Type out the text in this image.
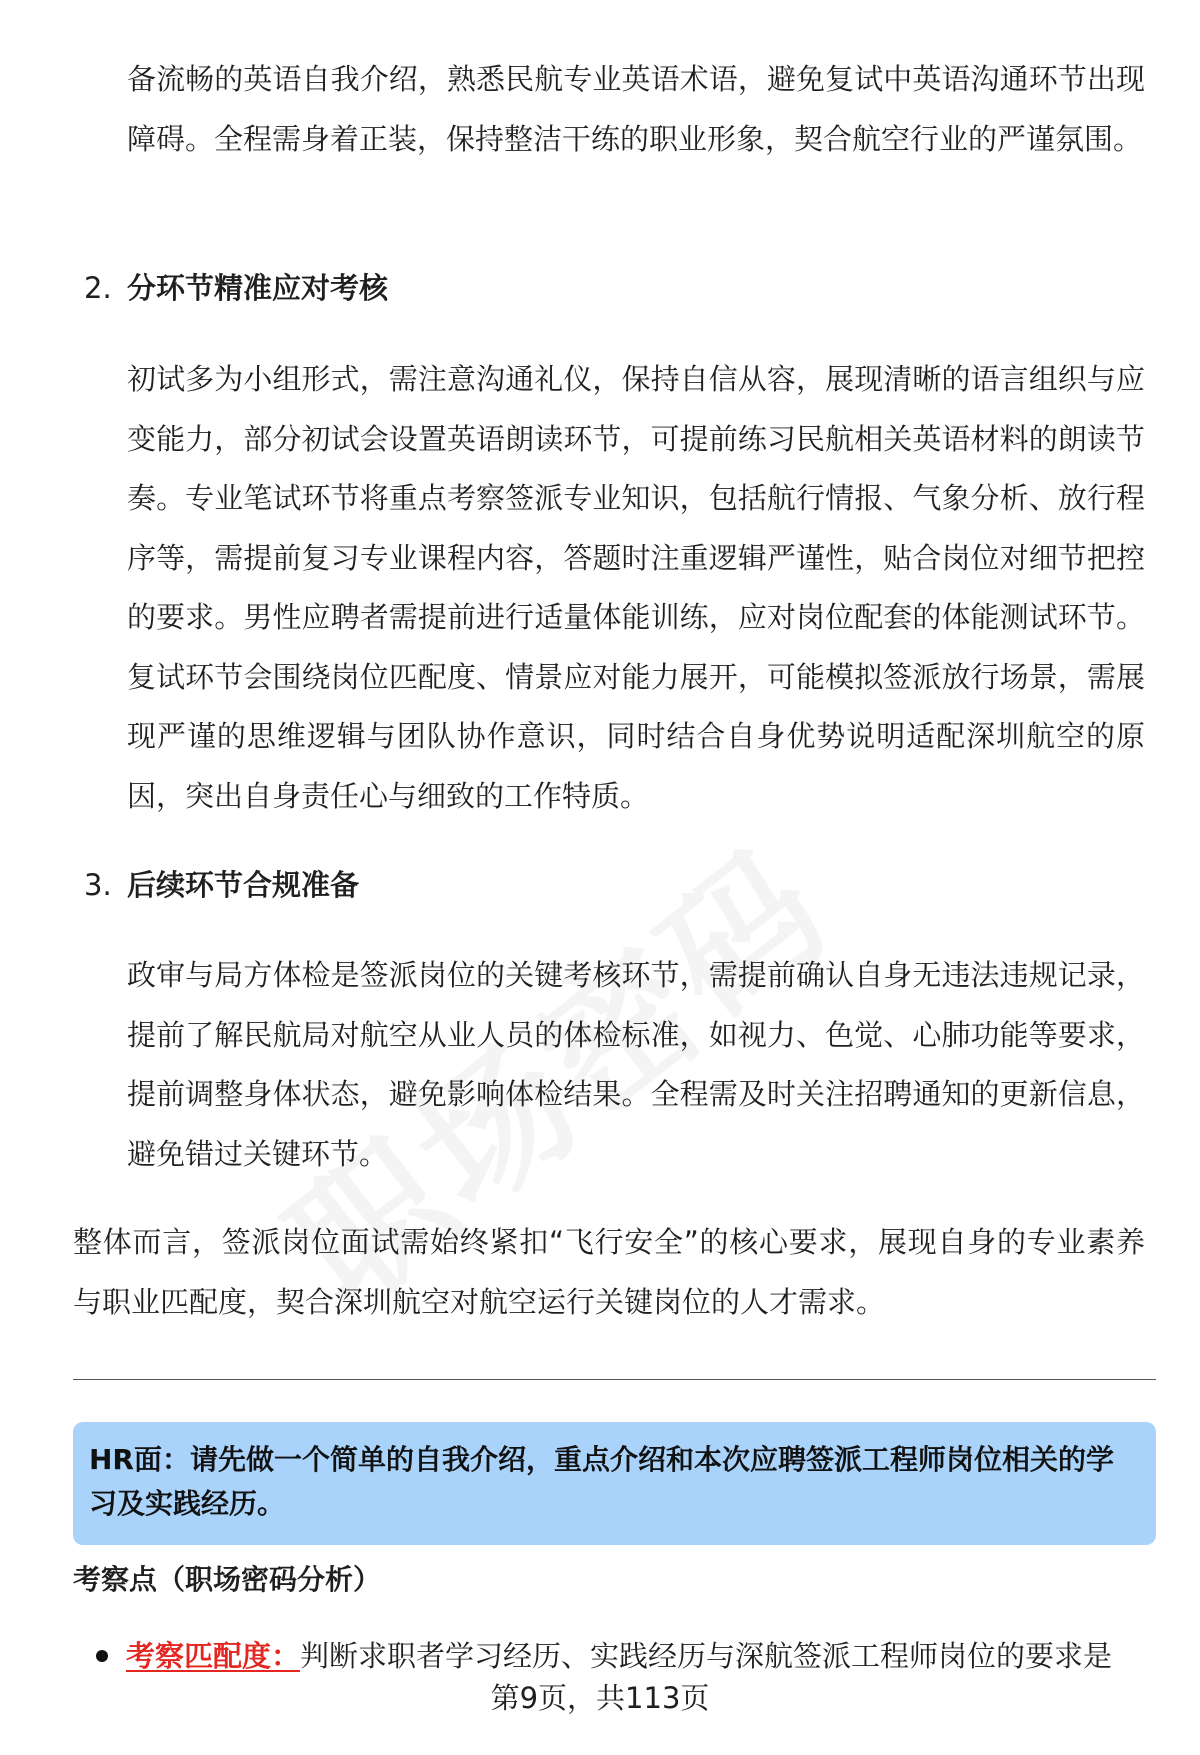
备流畅的英语自我介绍，熟悉民航专业英语术语，避免复试中英语沟通环节出现障碍。全程需身着正装，保持整洁干练的职业形象，契合航空行业的严谨氛围。

2. 分环节精准应对考核

初试多为小组形式，需注意沟通礼仪，保持自信从容，展现清晰的语言组织与应变能力，部分初试会设置英语朗读环节，可提前练习民航相关英语材料的朗读节奏。专业笔试环节将重点考察签派专业知识，包括航行情报、气象分析、放行程序等，需提前复习专业课程内容，答题时注重逻辑严谨性，贴合岗位对细节把控的要求。男性应聘者需提前进行适量体能训练，应对岗位配套的体能测试环节。复试环节会围绕岗位匹配度、情景应对能力展开，可能模拟签派放行场景，需展现严谨的思维逻辑与团队协作意识，同时结合自身优势说明适配深圳航空的原因，突出自身责任心与细致的工作特质。

3. 后续环节合规准备

政审与局方体检是签派岗位的关键考核环节，需提前确认自身无违法违规记录，提前了解民航局对航空从业人员的体检标准，如视力、色觉、心肺功能等要求，提前调整身体状态，避免影响体检结果。全程需及时关注招聘通知的更新信息，避免错过关键环节。

整体而言，签派岗位面试需始终紧扣“飞行安全”的核心要求，展现自身的专业素养与职业匹配度，契合深圳航空对航空运行关键岗位的人才需求。

HR面：请先做一个简单的自我介绍，重点介绍和本次应聘签派工程师岗位相关的学习及实践经历。

考察点（职场密码分析）

考察匹配度：判断求职者学习经历、实践经历与深航签派工程师岗位的要求是
第9页，共113页
